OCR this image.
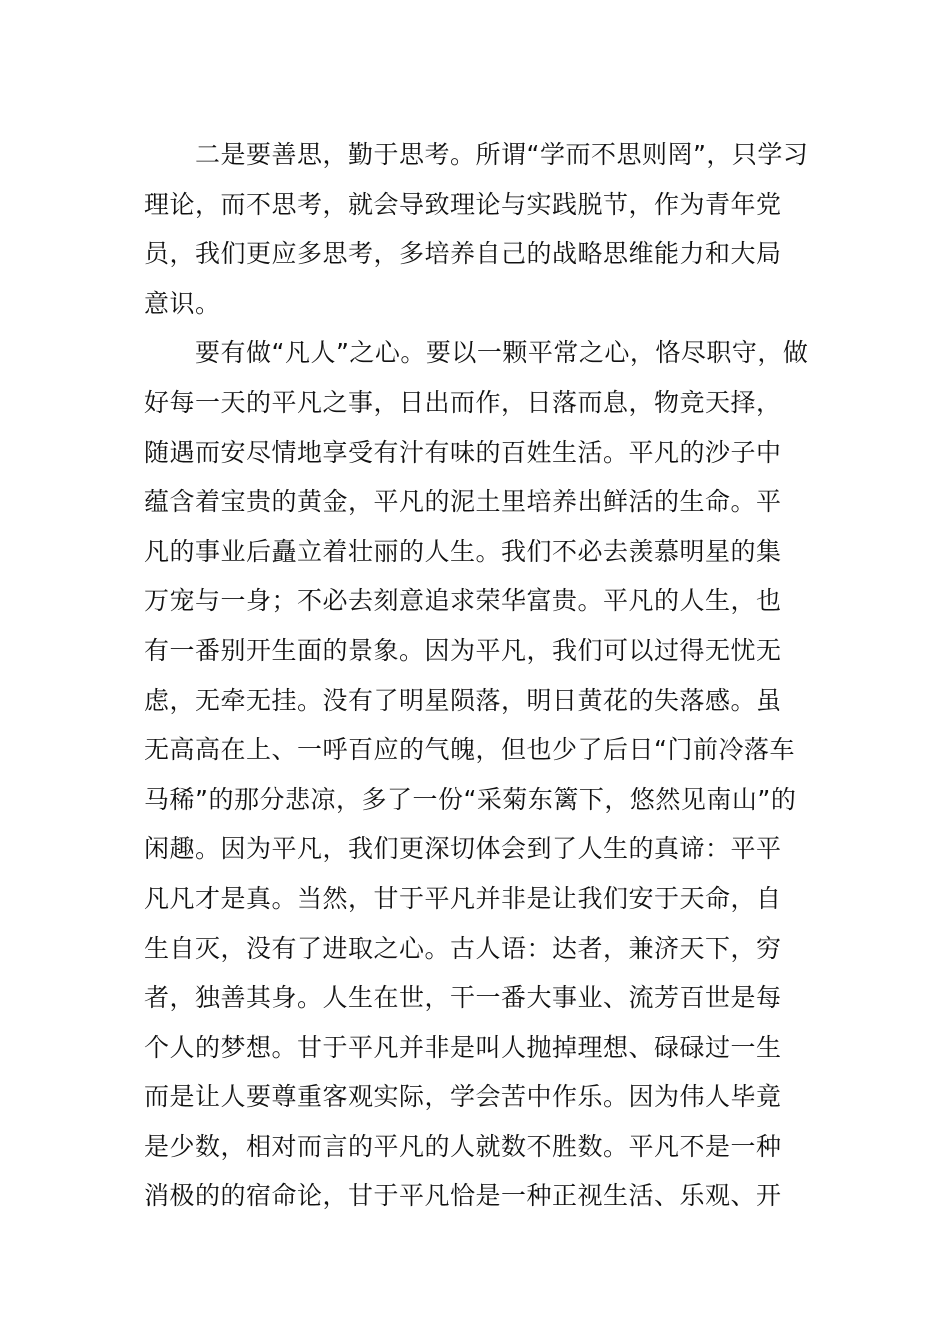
　　二是要善思，勤于思考。所谓“学而不思则罔”，只学习
理论，而不思考，就会导致理论与实践脱节，作为青年党
员，我们更应多思考，多培养自己的战略思维能力和大局
意识。
　　要有做“凡人”之心。要以一颗平常之心，恪尽职守，做
好每一天的平凡之事，日出而作，日落而息，物竞天择，
随遇而安尽情地享受有汁有味的百姓生活。平凡的沙子中
蕴含着宝贵的黄金，平凡的泥土里培养出鲜活的生命。平
凡的事业后矗立着壮丽的人生。我们不必去羡慕明星的集
万宠与一身；不必去刻意追求荣华富贵。平凡的人生，也
有一番别开生面的景象。因为平凡，我们可以过得无忧无
虑，无牵无挂。没有了明星陨落，明日黄花的失落感。虽
无高高在上、一呼百应的气魄，但也少了后日“门前冷落车
马稀”的那分悲凉，多了一份“采菊东篱下，悠然见南山”的
闲趣。因为平凡，我们更深切体会到了人生的真谛：平平
凡凡才是真。当然，甘于平凡并非是让我们安于天命，自
生自灭，没有了进取之心。古人语：达者，兼济天下，穷
者，独善其身。人生在世，干一番大事业、流芳百世是每
个人的梦想。甘于平凡并非是叫人抛掉理想、碌碌过一生
而是让人要尊重客观实际，学会苦中作乐。因为伟人毕竟
是少数，相对而言的平凡的人就数不胜数。平凡不是一种
消极的的宿命论，甘于平凡恰是一种正视生活、乐观、开
